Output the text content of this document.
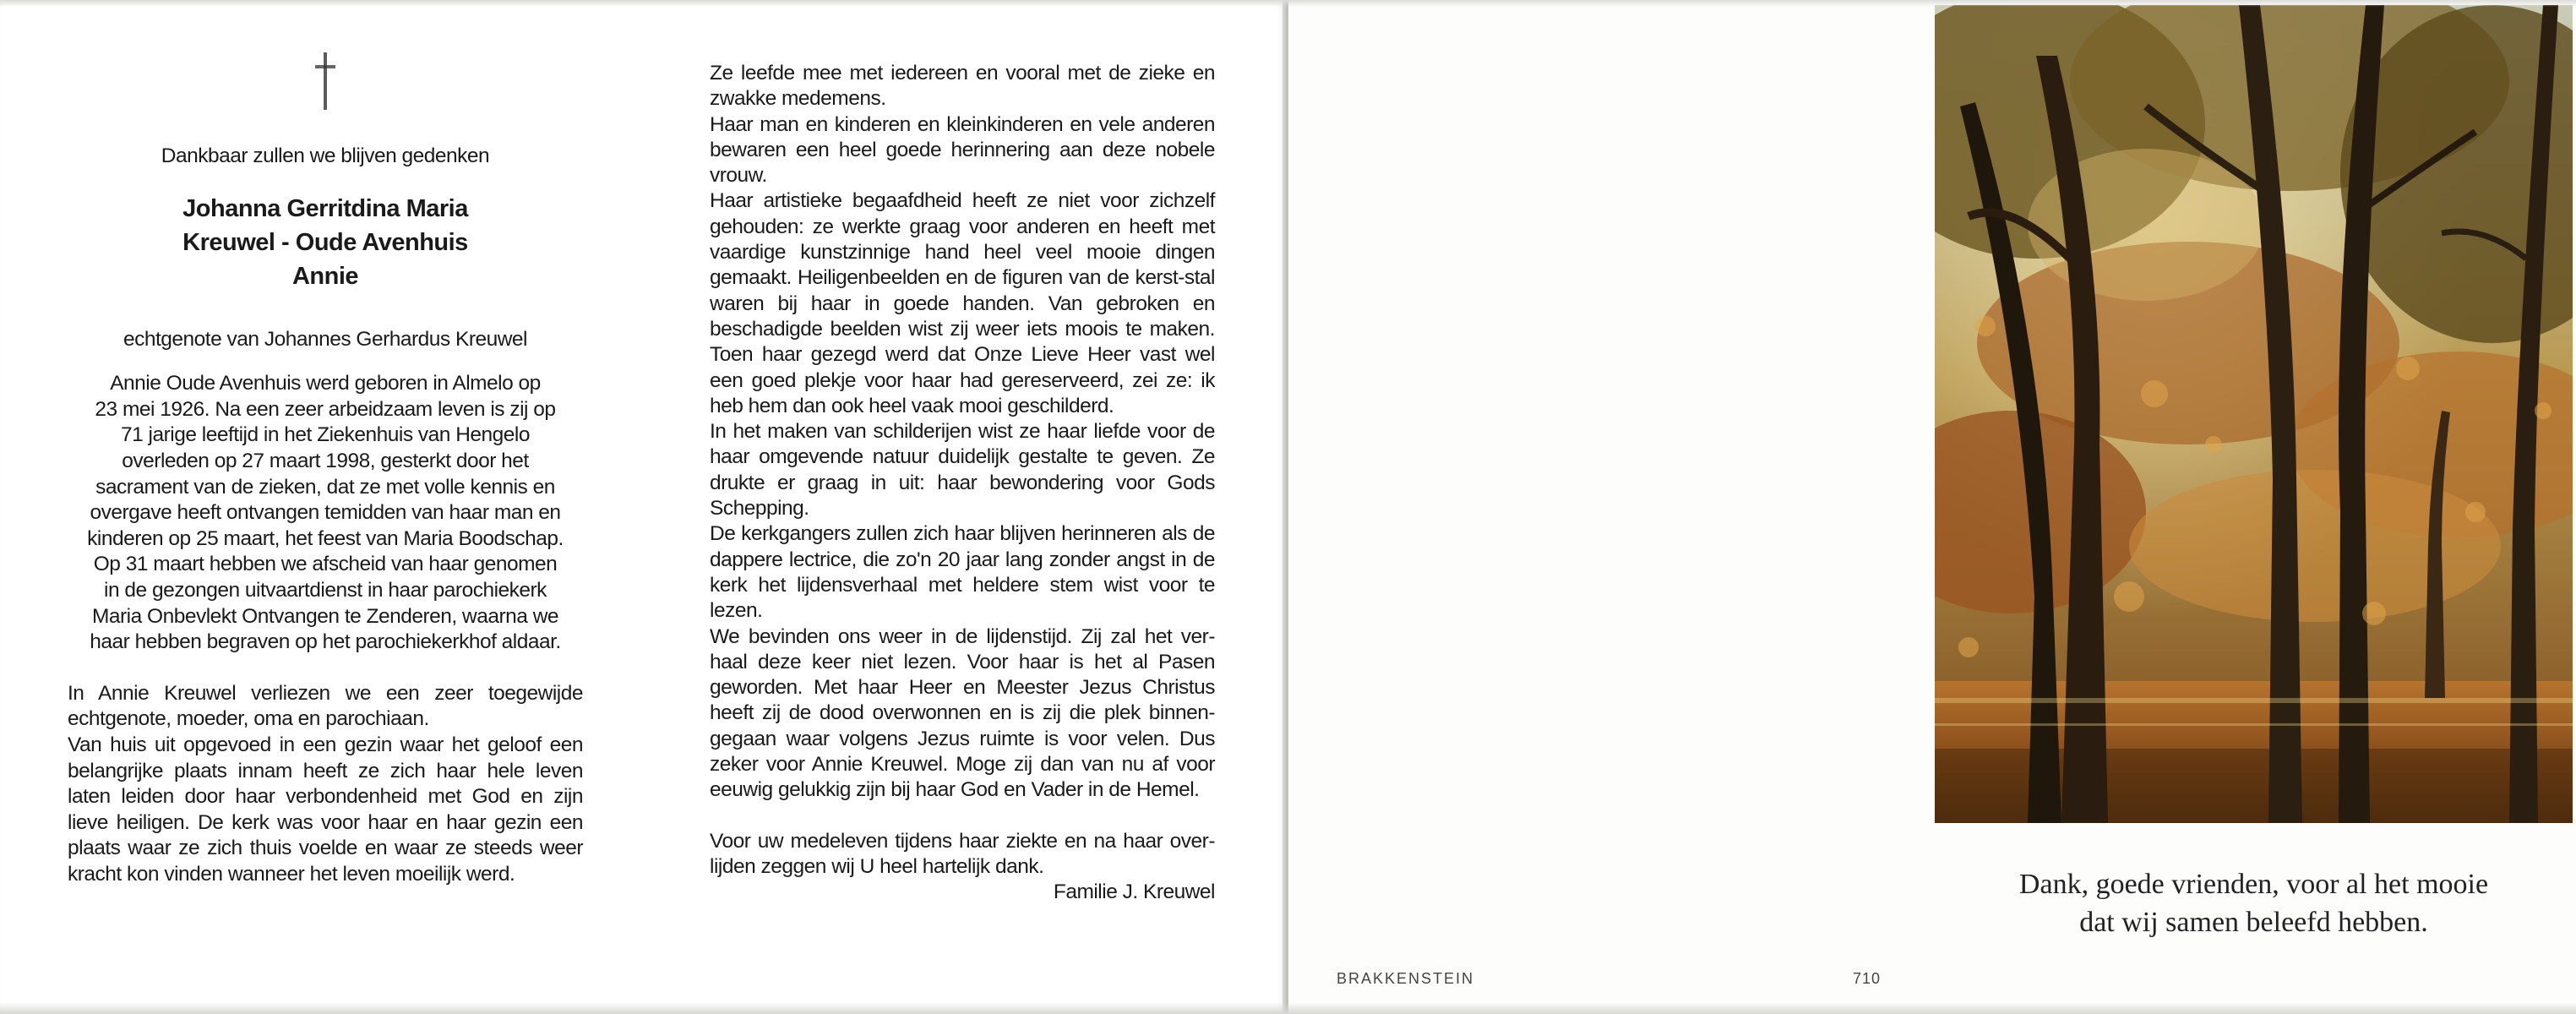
Dankbaar zullen we blijven gedenken
Johanna Gerritdina Maria
Kreuwel - Oude Avenhuis
Annie
echtgenote van Johannes Gerhardus Kreuwel
Annie Oude Avenhuis werd geboren in Almelo op
23 mei 1926. Na een zeer arbeidzaam leven is zij op
71 jarige leeftijd in het Ziekenhuis van Hengelo
overleden op 27 maart 1998, gesterkt door het
sacrament van de zieken, dat ze met volle kennis en
overgave heeft ontvangen temidden van haar man en
kinderen op 25 maart, het feest van Maria Boodschap.
Op 31 maart hebben we afscheid van haar genomen
in de gezongen uitvaartdienst in haar parochiekerk
Maria Onbevlekt Ontvangen te Zenderen, waarna we
haar hebben begraven op het parochiekerkhof aldaar.

In Annie Kreuwel verliezen we een zeer toegewijde echtgenote, moeder, oma en parochiaan.

Van huis uit opgevoed in een gezin waar het geloof een belangrijke plaats innam heeft ze zich haar hele leven laten leiden door haar verbondenheid met God en zijn lieve heiligen. De kerk was voor haar en haar gezin een plaats waar ze zich thuis voelde en waar ze steeds weer kracht kon vinden wanneer het leven moeilijk werd.

Ze leefde mee met iedereen en vooral met de zieke en zwakke medemens.

Haar man en kinderen en kleinkinderen en vele anderen bewaren een heel goede herinnering aan deze nobele vrouw.

Haar artistieke begaafdheid heeft ze niet voor zichzelf gehouden: ze werkte graag voor anderen en heeft met vaardige kunstzinnige hand heel veel mooie dingen gemaakt. Heiligenbeelden en de figuren van de kerst-stal waren bij haar in goede handen. Van gebroken en beschadigde beelden wist zij weer iets moois te maken. Toen haar gezegd werd dat Onze Lieve Heer vast wel een goed plekje voor haar had gereserveerd, zei ze: ik heb hem dan ook heel vaak mooi geschilderd.

In het maken van schilderijen wist ze haar liefde voor de haar omgevende natuur duidelijk gestalte te geven. Ze drukte er graag in uit: haar bewondering voor Gods Schepping.

De kerkgangers zullen zich haar blijven herinneren als de dappere lectrice, die zo'n 20 jaar lang zonder angst in de kerk het lijdensverhaal met heldere stem wist voor te lezen.

We bevinden ons weer in de lijdenstijd. Zij zal het ver-haal deze keer niet lezen. Voor haar is het al Pasen geworden. Met haar Heer en Meester Jezus Christus heeft zij de dood overwonnen en is zij die plek binnen-gegaan waar volgens Jezus ruimte is voor velen. Dus zeker voor Annie Kreuwel. Moge zij dan van nu af voor eeuwig gelukkig zijn bij haar God en Vader in de Hemel.

Voor uw medeleven tijdens haar ziekte en na haar over-lijden zeggen wij U heel hartelijk dank.

Familie J. Kreuwel

BRAKKENSTEIN	710
Dank, goede vrienden, voor al het mooie
dat wij samen beleefd hebben.
